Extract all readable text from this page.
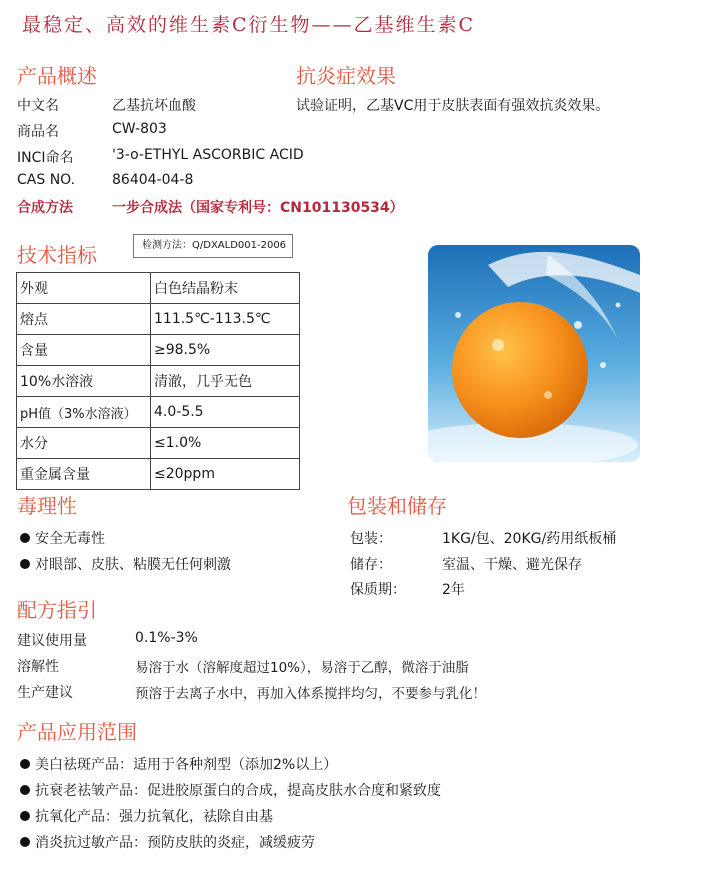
最稳定、高效的维生素C衍生物——乙基维生素C
产品概述
中文名	乙基抗坏血酸
商品名	CW-803
INCI命名	'3-o-ETHYL ASCORBIC ACID
CAS NO.	86404-04-8
合成方法	一步合成法（国家专利号：CN101130534）
抗炎症效果
试验证明，乙基VC用于皮肤表面有强效抗炎效果。
技术指标	检测方法：Q/DXALD001-2006
外观	白色结晶粉末
熔点	111.5℃-113.5℃
含量	≥98.5%
10%水溶液	清澈，几乎无色
pH值（3%水溶液）	4.0-5.5
水分	≤1.0%
重金属含量	≤20ppm
毒理性
安全无毒性
对眼部、皮肤、粘膜无任何刺激
包装和储存
包装：	1KG/包、20KG/药用纸板桶
储存：	室温、干燥、避光保存
保质期：	2年
配方指引
建议使用量	0.1%-3%
溶解性	易溶于水（溶解度超过10%），易溶于乙醇，微溶于油脂
生产建议	预溶于去离子水中，再加入体系搅拌均匀，不要参与乳化！
产品应用范围
美白祛斑产品：适用于各种剂型（添加2%以上）
抗衰老祛皱产品：促进胶原蛋白的合成，提高皮肤水合度和紧致度
抗氧化产品：强力抗氧化，祛除自由基
消炎抗过敏产品：预防皮肤的炎症，减缓疲劳
